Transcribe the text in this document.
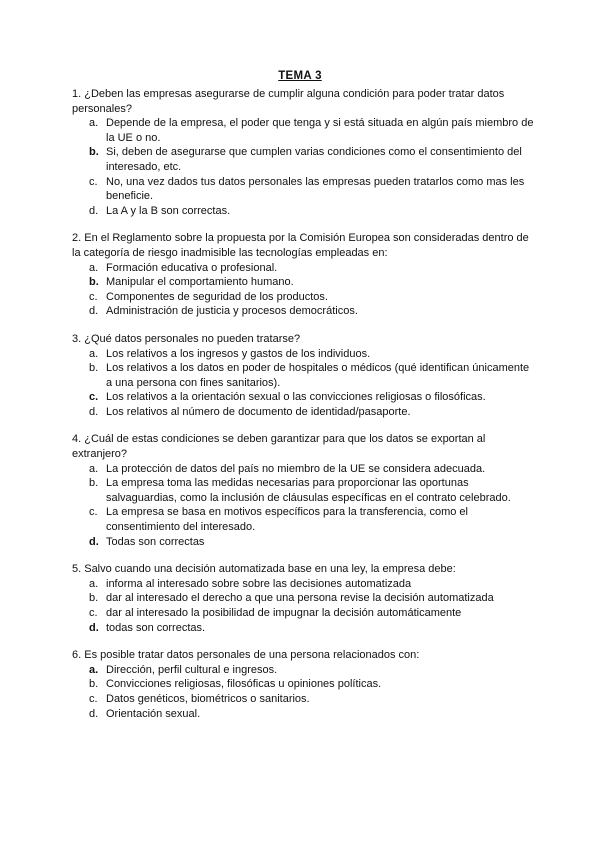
TEMA 3

1. ¿Deben las empresas asegurarse de cumplir alguna condición para poder tratar datos personales?

a. Depende de la empresa, el poder que tenga y si está situada en algún país miembro de la UE o no.
b. Si, deben de asegurarse que cumplen varias condiciones como el consentimiento del interesado, etc.
c. No, una vez dados tus datos personales las empresas pueden tratarlos como mas les beneficie.
d. La A y la B son correctas.

2. En el Reglamento sobre la propuesta por la Comisión Europea son consideradas dentro de la categoría de riesgo inadmisible las tecnologías empleadas en:

a. Formación educativa o profesional.
b. Manipular el comportamiento humano.
c. Componentes de seguridad de los productos.
d. Administración de justicia y procesos democráticos.

3. ¿Qué datos personales no pueden tratarse?

a. Los relativos a los ingresos y gastos de los individuos.
b. Los relativos a los datos en poder de hospitales o médicos (qué identifican únicamente a una persona con fines sanitarios).
c. Los relativos a la orientación sexual o las convicciones religiosas o filosóficas.
d. Los relativos al número de documento de identidad/pasaporte.

4. ¿Cuál de estas condiciones se deben garantizar para que los datos se exportan al extranjero?

a. La protección de datos del país no miembro de la UE se considera adecuada.
b. La empresa toma las medidas necesarias para proporcionar las oportunas salvaguardias, como la inclusión de cláusulas específicas en el contrato celebrado.
c. La empresa se basa en motivos específicos para la transferencia, como el consentimiento del interesado.
d. Todas son correctas

5. Salvo cuando una decisión automatizada base en una ley, la empresa debe:

a. informa al interesado sobre sobre las decisiones automatizada
b. dar al interesado el derecho a que una persona revise la decisión automatizada
c. dar al interesado la posibilidad de impugnar la decisión automáticamente
d. todas son correctas.

6. Es posible tratar datos personales de una persona relacionados con:

a. Dirección, perfil cultural e ingresos.
b. Convicciones religiosas, filosóficas u opiniones políticas.
c. Datos genéticos, biométricos o sanitarios.
d. Orientación sexual.
